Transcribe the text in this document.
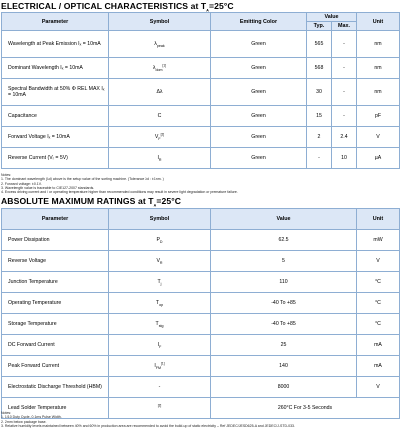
ELECTRICAL / OPTICAL CHARACTERISTICS at $T_A=25^\circ C$
Parameter	Symbol	Emitting Color	Value		Unit
			Typ.	Max.	
Wavelength at Peak Emission Iₓ = 10mA	$\lambda_{peak}$	Green	565	-	nm
Dominant Wavelength Iₓ = 10mA	$\lambda_{dom}[1]$	Green	568	-	nm
Spectral Bandwidth at 50% Φ REL MAX Iₓ = 10mA	Δλ	Green	30	-	nm
Capacitance	C	Green	15	-	pF
Forward Voltage Iₓ = 10mA	$V_F[2]$	Green	2	2.4	V
Reverse Current (Vᵣ = 5V)	$I_R$	Green	-	10	µA
Notes:
1. The dominant wavelength (λd) above is the setup value of the sorting machine. (Tolerance λd : ±1nm. )
2. Forward voltage: ±0.1V.
3. Wavelength value is traceable to CIE127-2007 standards.
4. Excess driving current and / or operating temperature higher than recommended conditions may result in severe light degradation or premature failure.
ABSOLUTE MAXIMUM RATINGS at $T_A=25^\circ C$
Parameter	Symbol	Value	Unit
Power Dissipation	$P_D$	62.5	mW
Reverse Voltage	$V_R$	5	V
Junction Temperature	$T_j$	110	°C
Operating Temperature	$T_{op}$	-40 To +85	°C
Storage Temperature	$T_{stg}$	-40 To +85	°C
DC Forward Current	$I_F$	25	mA
Peak Forward Current	$I_{FM}[1]$	140	mA
Electrostatic Discharge Threshold (HBM)	-	8000	V
Lead Solder Temperature	[2]	260°C For 3-5 Seconds	
Notes:
1. 1/10 Duty Cycle, 0.1ms Pulse Width.
2. 2mm below package base.
3. Relative humidity levels maintained between 40% and 60% in production area are recommended to avoid the build-up of static electricity – Ref JEDEC/JESD625-A and JEDEC/J-STD-033.
